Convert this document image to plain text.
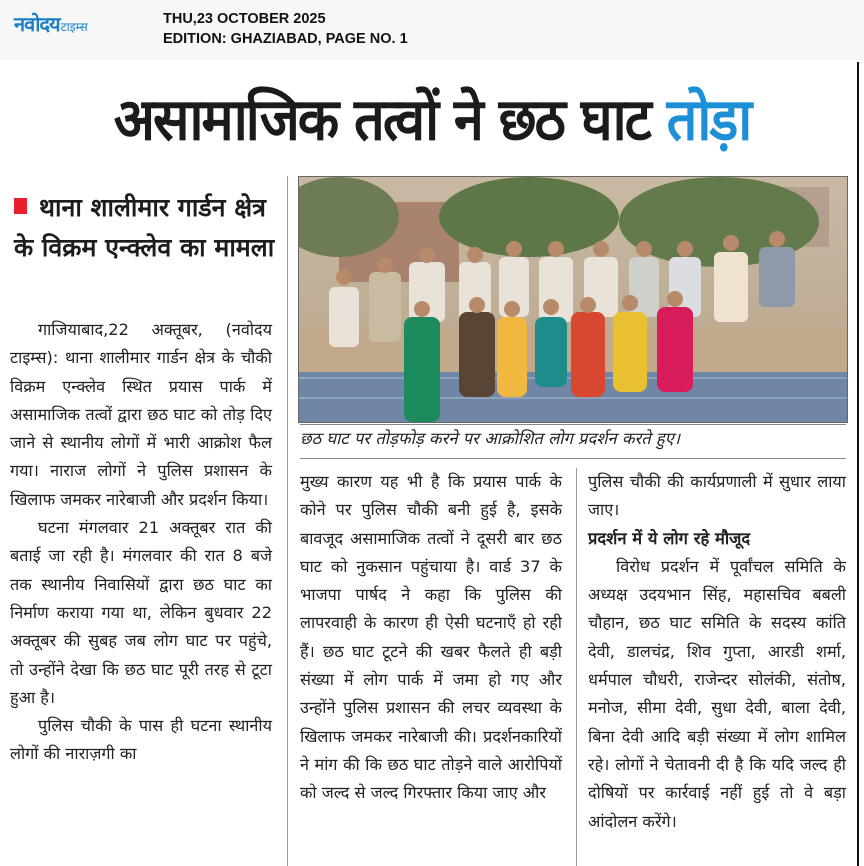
नवोदय टाइम्स	THU,23 OCTOBER 2025
EDITION: GHAZIABAD, PAGE NO. 1
असामाजिक तत्वों ने छठ घाट तोड़ा
थाना शालीमार गार्डन क्षेत्र के विक्रम एन्क्लेव का मामला
छठ घाट पर तोड़फोड़ करने पर आक्रोशित लोग प्रदर्शन करते हुए।

गाजियाबाद,22 अक्तूबर, (नवोदय टाइम्स): थाना शालीमार गार्डन क्षेत्र के चौकी विक्रम एन्क्लेव स्थित प्रयास पार्क में असामाजिक तत्वों द्वारा छठ घाट को तोड़ दिए जाने से स्थानीय लोगों में भारी आक्रोश फैल गया। नाराज लोगों ने पुलिस प्रशासन के खिलाफ जमकर नारेबाजी और प्रदर्शन किया।

घटना मंगलवार 21 अक्तूबर रात की बताई जा रही है। मंगलवार की रात 8 बजे तक स्थानीय निवासियों द्वारा छठ घाट का निर्माण कराया गया था, लेकिन बुधवार 22 अक्तूबर की सुबह जब लोग घाट पर पहुंचे, तो उन्होंने देखा कि छठ घाट पूरी तरह से टूटा हुआ है।

पुलिस चौकी के पास ही घटना स्थानीय लोगों की नाराज़गी का

मुख्य कारण यह भी है कि प्रयास पार्क के कोने पर पुलिस चौकी बनी हुई है, इसके बावजूद असामाजिक तत्वों ने दूसरी बार छठ घाट को नुकसान पहुंचाया है। वार्ड 37 के भाजपा पार्षद ने कहा कि पुलिस की लापरवाही के कारण ही ऐसी घटनाएँ हो रही हैं। छठ घाट टूटने की खबर फैलते ही बड़ी संख्या में लोग पार्क में जमा हो गए और उन्होंने पुलिस प्रशासन की लचर व्यवस्था के खिलाफ जमकर नारेबाजी की। प्रदर्शनकारियों ने मांग की कि छठ घाट तोड़ने वाले आरोपियों को जल्द से जल्द गिरफ्तार किया जाए और

पुलिस चौकी की कार्यप्रणाली में सुधार लाया जाए।

प्रदर्शन में ये लोग रहे मौजूद

विरोध प्रदर्शन में पूर्वांचल समिति के अध्यक्ष उदयभान सिंह, महासचिव बबली चौहान, छठ घाट समिति के सदस्य कांति देवी, डालचंद्र, शिव गुप्ता, आरडी शर्मा, धर्मपाल चौधरी, राजेन्दर सोलंकी, संतोष, मनोज, सीमा देवी, सुधा देवी, बाला देवी, बिना देवी आदि बड़ी संख्या में लोग शामिल रहे। लोगों ने चेतावनी दी है कि यदि जल्द ही दोषियों पर कार्रवाई नहीं हुई तो वे बड़ा आंदोलन करेंगे।
